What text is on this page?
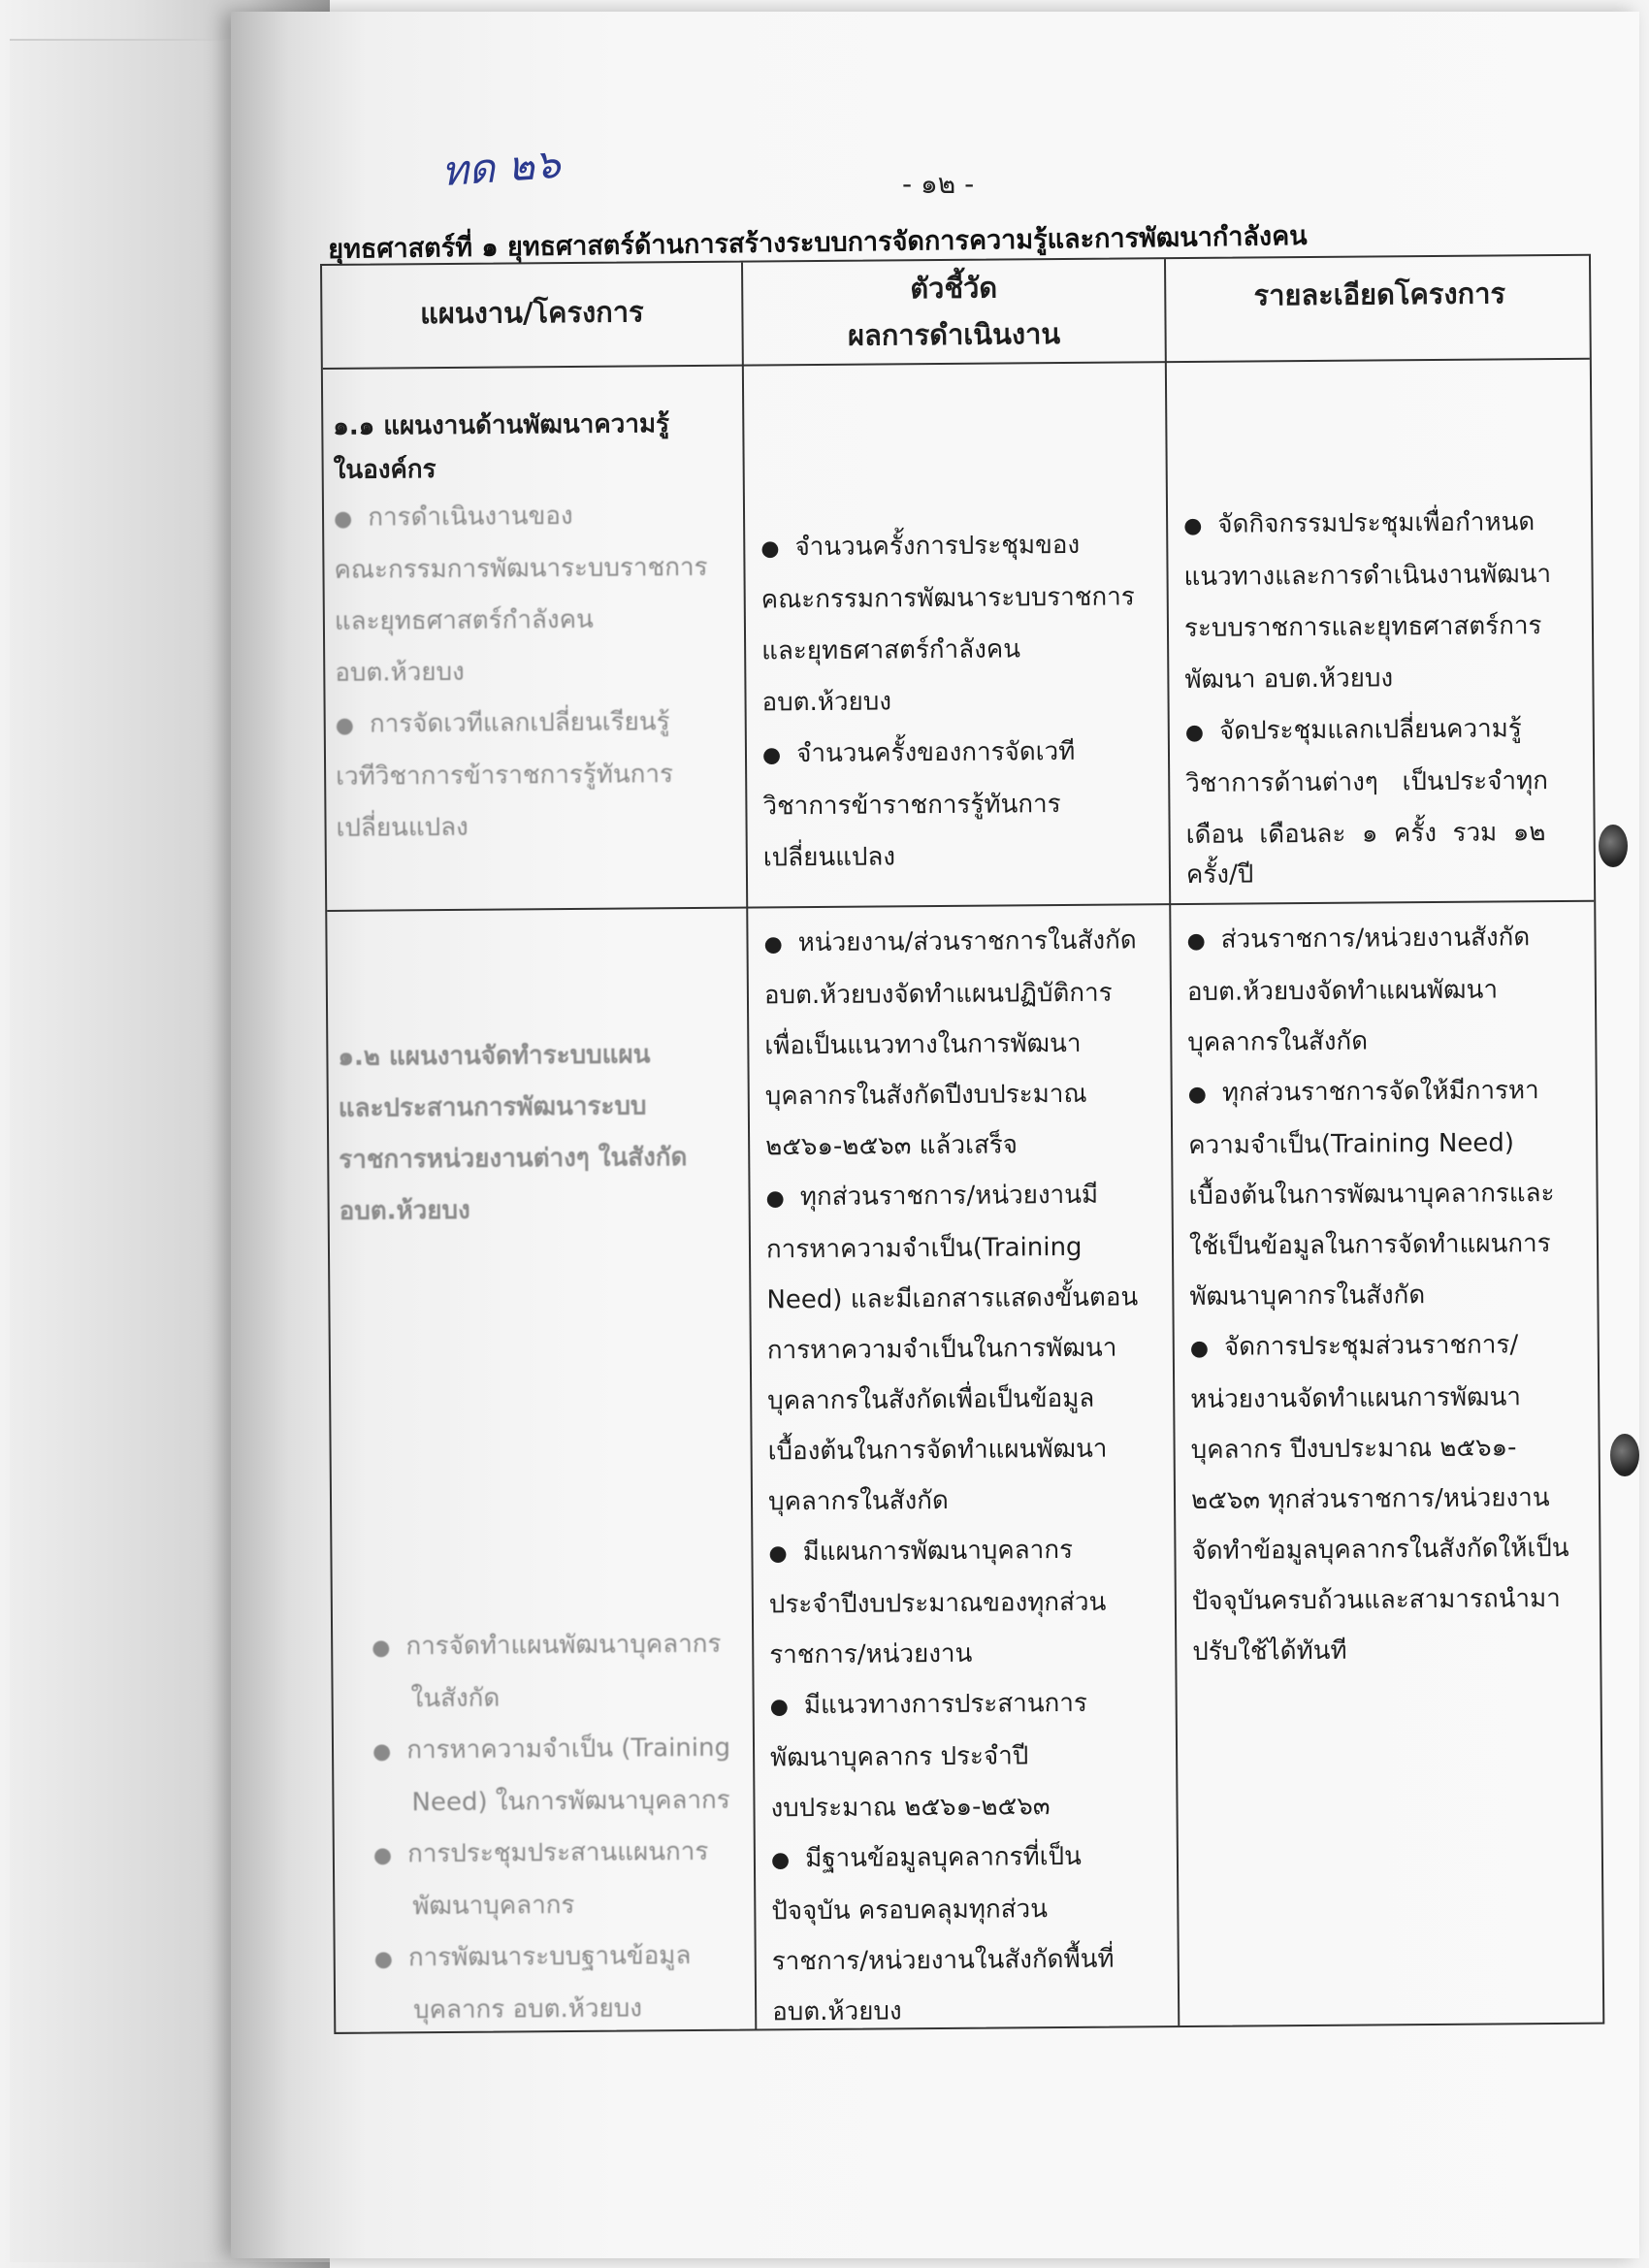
ทด ๒๖	- ๑๒ -
ยุทธศาสตร์ที่ ๑ ยุทธศาสตร์ด้านการสร้างระบบการจัดการความรู้และการพัฒนากำลังคน
แผนงาน/โครงการ

ตัวชี้วัด

ผลการดำเนินงาน

รายละเอียดโครงการ

๑.๑ แผนงานด้านพัฒนาความรู้

ในองค์กร

● การดำเนินงานของ

คณะกรรมการพัฒนาระบบราชการ

และยุทธศาสตร์กำลังคน

อบต.ห้วยบง

● การจัดเวทีแลกเปลี่ยนเรียนรู้

เวทีวิชาการข้าราชการรู้ทันการ

เปลี่ยนแปลง

● จำนวนครั้งการประชุมของ

คณะกรรมการพัฒนาระบบราชการ

และยุทธศาสตร์กำลังคน

อบต.ห้วยบง

● จำนวนครั้งของการจัดเวที

วิชาการข้าราชการรู้ทันการ

เปลี่ยนแปลง

● จัดกิจกรรมประชุมเพื่อกำหนด

แนวทางและการดำเนินงานพัฒนา

ระบบราชการและยุทธศาสตร์การ

พัฒนา อบต.ห้วยบง

● จัดประชุมแลกเปลี่ยนความรู้

วิชาการด้านต่างๆ   เป็นประจำทุก

เดือน  เดือนละ  ๑  ครั้ง  รวม  ๑๒

ครั้ง/ปี

๑.๒ แผนงานจัดทำระบบแผน

และประสานการพัฒนาระบบ

ราชการหน่วยงานต่างๆ ในสังกัด

อบต.ห้วยบง

● การจัดทำแผนพัฒนาบุคลากร

ในสังกัด

● การหาความจำเป็น (Training

Need) ในการพัฒนาบุคลากร

● การประชุมประสานแผนการ

พัฒนาบุคลากร

● การพัฒนาระบบฐานข้อมูล

บุคลากร อบต.ห้วยบง

● หน่วยงาน/ส่วนราชการในสังกัด

อบต.ห้วยบงจัดทำแผนปฏิบัติการ

เพื่อเป็นแนวทางในการพัฒนา

บุคลากรในสังกัดปีงบประมาณ

๒๕๖๑-๒๕๖๓ แล้วเสร็จ

● ทุกส่วนราชการ/หน่วยงานมี

การหาความจำเป็น(Training

Need) และมีเอกสารแสดงขั้นตอน

การหาความจำเป็นในการพัฒนา

บุคลากรในสังกัดเพื่อเป็นข้อมูล

เบื้องต้นในการจัดทำแผนพัฒนา

บุคลากรในสังกัด

● มีแผนการพัฒนาบุคลากร

ประจำปีงบประมาณของทุกส่วน

ราชการ/หน่วยงาน

● มีแนวทางการประสานการ

พัฒนาบุคลากร ประจำปี

งบประมาณ ๒๕๖๑-๒๕๖๓

● มีฐานข้อมูลบุคลากรที่เป็น

ปัจจุบัน ครอบคลุมทุกส่วน

ราชการ/หน่วยงานในสังกัดพื้นที่

อบต.ห้วยบง

● ส่วนราชการ/หน่วยงานสังกัด

อบต.ห้วยบงจัดทำแผนพัฒนา

บุคลากรในสังกัด

● ทุกส่วนราชการจัดให้มีการหา

ความจำเป็น(Training Need)

เบื้องต้นในการพัฒนาบุคลากรและ

ใช้เป็นข้อมูลในการจัดทำแผนการ

พัฒนาบุคากรในสังกัด

● จัดการประชุมส่วนราชการ/

หน่วยงานจัดทำแผนการพัฒนา

บุคลากร ปีงบประมาณ ๒๕๖๑-

๒๕๖๓ ทุกส่วนราชการ/หน่วยงาน

จัดทำข้อมูลบุคลากรในสังกัดให้เป็น

ปัจจุบันครบถ้วนและสามารถนำมา

ปรับใช้ได้ทันที
